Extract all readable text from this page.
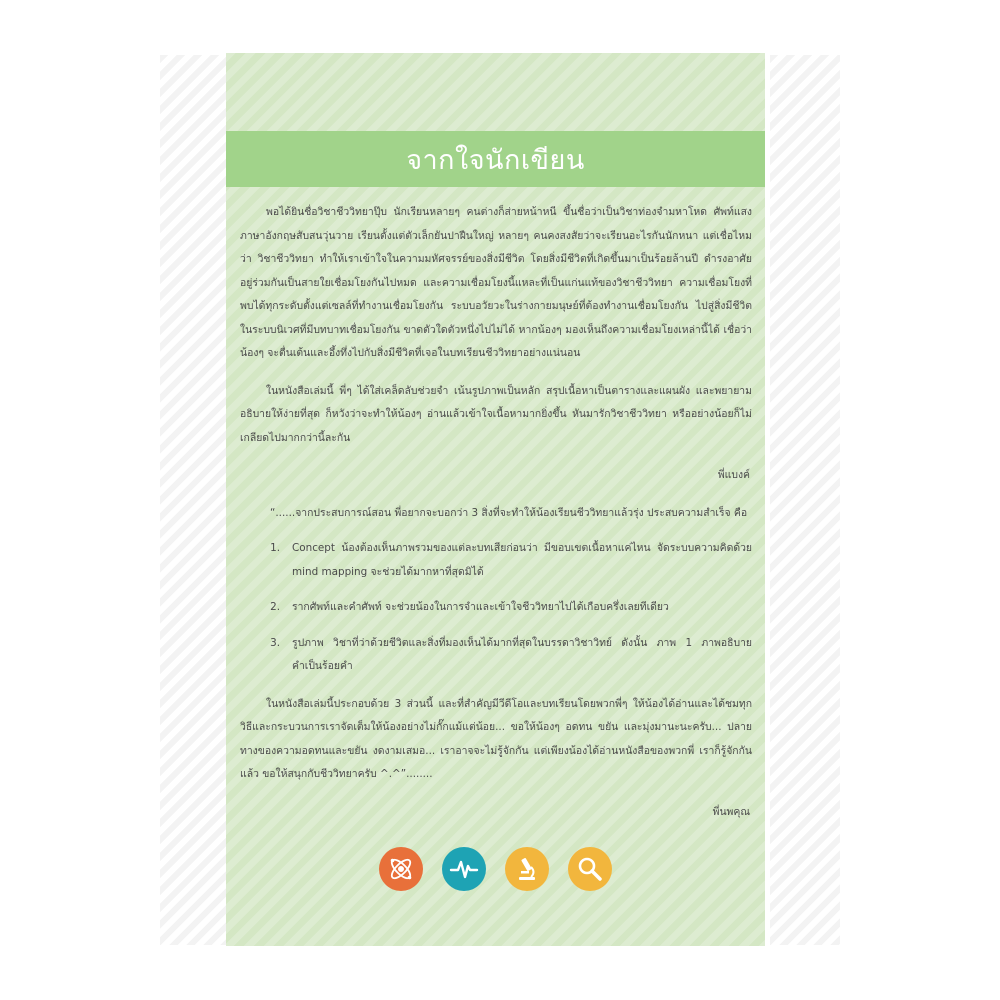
จากใจนักเขียน

พอได้ยินชื่อวิชาชีววิทยาปุ๊บ นักเรียนหลายๆ คนต่างก็ส่ายหน้าหนี ขึ้นชื่อว่าเป็นวิชาท่องจำมหาโหด ศัพท์แสงภาษาอังกฤษสับสนวุ่นวาย เรียนตั้งแต่ตัวเล็กยันปาฝืนใหญ่ หลายๆ คนคงสงสัยว่าจะเรียนอะไรกันนักหนา แต่เชื่อไหมว่า วิชาชีววิทยา ทำให้เราเข้าใจในความมหัศจรรย์ของสิ่งมีชีวิต โดยสิ่งมีชีวิตที่เกิดขึ้นมาเป็นร้อยล้านปี ดำรงอาศัยอยู่ร่วมกันเป็นสายใยเชื่อมโยงกันไปหมด และความเชื่อมโยงนี้แหละที่เป็นแก่นแท้ของวิชาชีววิทยา ความเชื่อมโยงที่พบได้ทุกระดับตั้งแต่เซลล์ที่ทำงานเชื่อมโยงกัน ระบบอวัยวะในร่างกายมนุษย์ที่ต้องทำงานเชื่อมโยงกัน ไปสู่สิ่งมีชีวิตในระบบนิเวศที่มีบทบาทเชื่อมโยงกัน ขาดตัวใดตัวหนึ่งไปไม่ได้ หากน้องๆ มองเห็นถึงความเชื่อมโยงเหล่านี้ได้ เชื่อว่าน้องๆ จะตื่นเต้นและอึ้งทึ่งไปกับสิ่งมีชีวิตที่เจอในบทเรียนชีววิทยาอย่างแน่นอน

ในหนังสือเล่มนี้ พี่ๆ ได้ใส่เคล็ดลับช่วยจำ เน้นรูปภาพเป็นหลัก สรุปเนื้อหาเป็นตารางและแผนผัง และพยายามอธิบายให้ง่ายที่สุด ก็หวังว่าจะทำให้น้องๆ อ่านแล้วเข้าใจเนื้อหามากยิ่งขึ้น หันมารักวิชาชีววิทยา หรืออย่างน้อยก็ไม่เกลียดไปมากกว่านี้ละกัน

พี่แบงค์

“......จากประสบการณ์สอน พี่อยากจะบอกว่า 3 สิ่งที่จะทำให้น้องเรียนชีววิทยาแล้วรุ่ง ประสบความสำเร็จ คือ

1.	Concept น้องต้องเห็นภาพรวมของแต่ละบทเสียก่อนว่า มีขอบเขตเนื้อหาแค่ไหน จัดระบบความคิดด้วย mind mapping จะช่วยได้มากหาที่สุดมิได้
2.	รากศัพท์และคำศัพท์ จะช่วยน้องในการจำและเข้าใจชีววิทยาไปได้เกือบครึ่งเลยทีเดียว
3.	รูปภาพ วิชาที่ว่าด้วยชีวิตและสิ่งที่มองเห็นได้มากที่สุดในบรรดาวิชาวิทย์ ดังนั้น ภาพ 1 ภาพอธิบายคำเป็นร้อยคำ

ในหนังสือเล่มนี้ประกอบด้วย 3 ส่วนนี้ และที่สำคัญมีวีดีโอและบทเรียนโดยพวกพี่ๆ ให้น้องได้อ่านและได้ชมทุกวิธีและกระบวนการเราจัดเต็มให้น้องอย่างไม่กั๊กแม้แต่น้อย... ขอให้น้องๆ อดทน ขยัน และมุ่งมานะนะครับ... ปลายทางของความอดทนและขยัน งดงามเสมอ... เราอาจจะไม่รู้จักกัน แต่เพียงน้องได้อ่านหนังสือของพวกพี่ เราก็รู้จักกันแล้ว ขอให้สนุกกับชีววิทยาครับ ^.^”........

พี่นพคุณ
